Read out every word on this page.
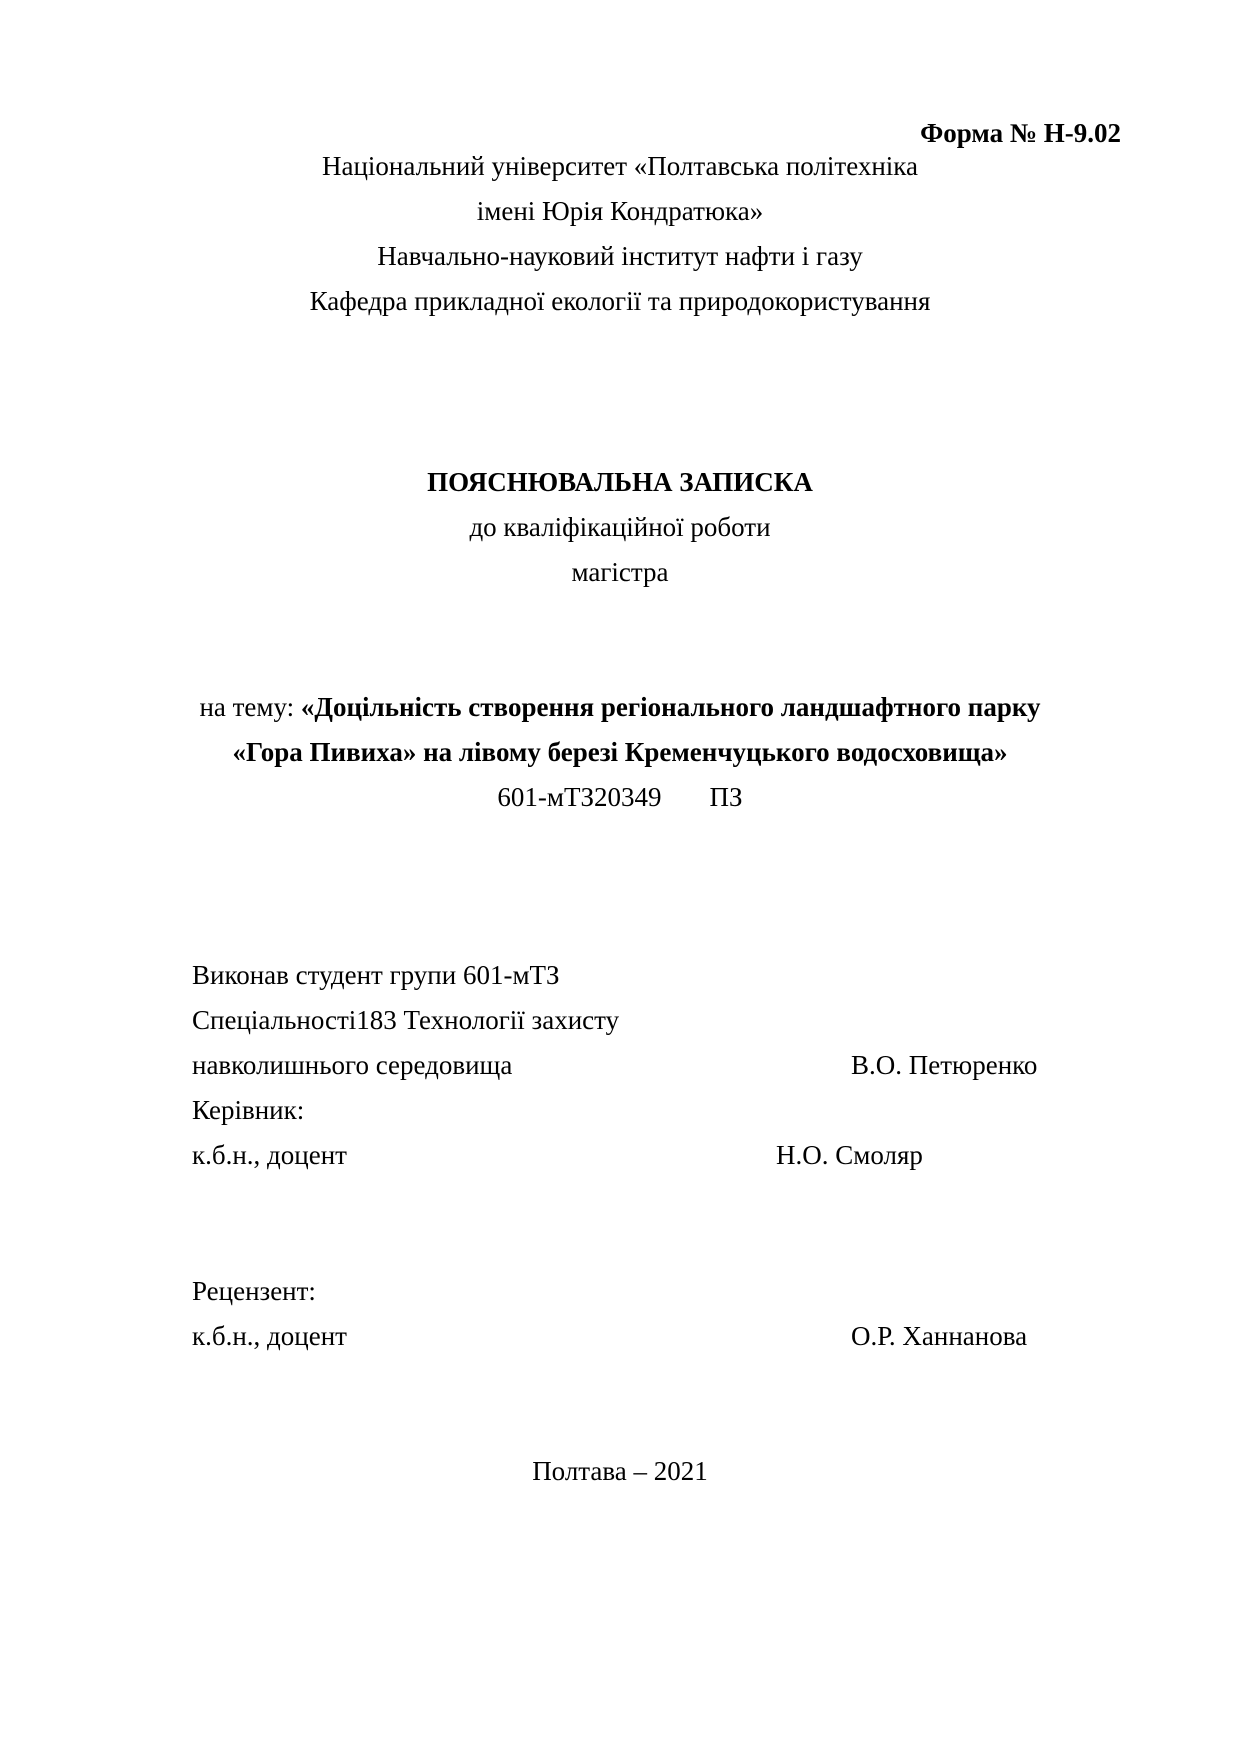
Форма № Н-9.02
Національний університет «Полтавська політехніка
імені Юрія Кондратюка»
Навчально-науковий інститут нафти і газу
Кафедра прикладної екології та природокористування
ПОЯСНЮВАЛЬНА ЗАПИСКА
до кваліфікаційної роботи
магістра
на тему: «Доцільність створення регіонального ландшафтного парку
«Гора Пивиха» на лівому березі Кременчуцького водосховища»
601-мТЗ20349 ПЗ
Виконав студент групи 601-мТЗ
Спеціальності183 Технології захисту
навколишнього середовища	В.О. Петюренко
Керівник:
к.б.н., доцент	Н.О. Смоляр
Рецензент:
к.б.н., доцент	О.Р. Ханнанова
Полтава – 2021
